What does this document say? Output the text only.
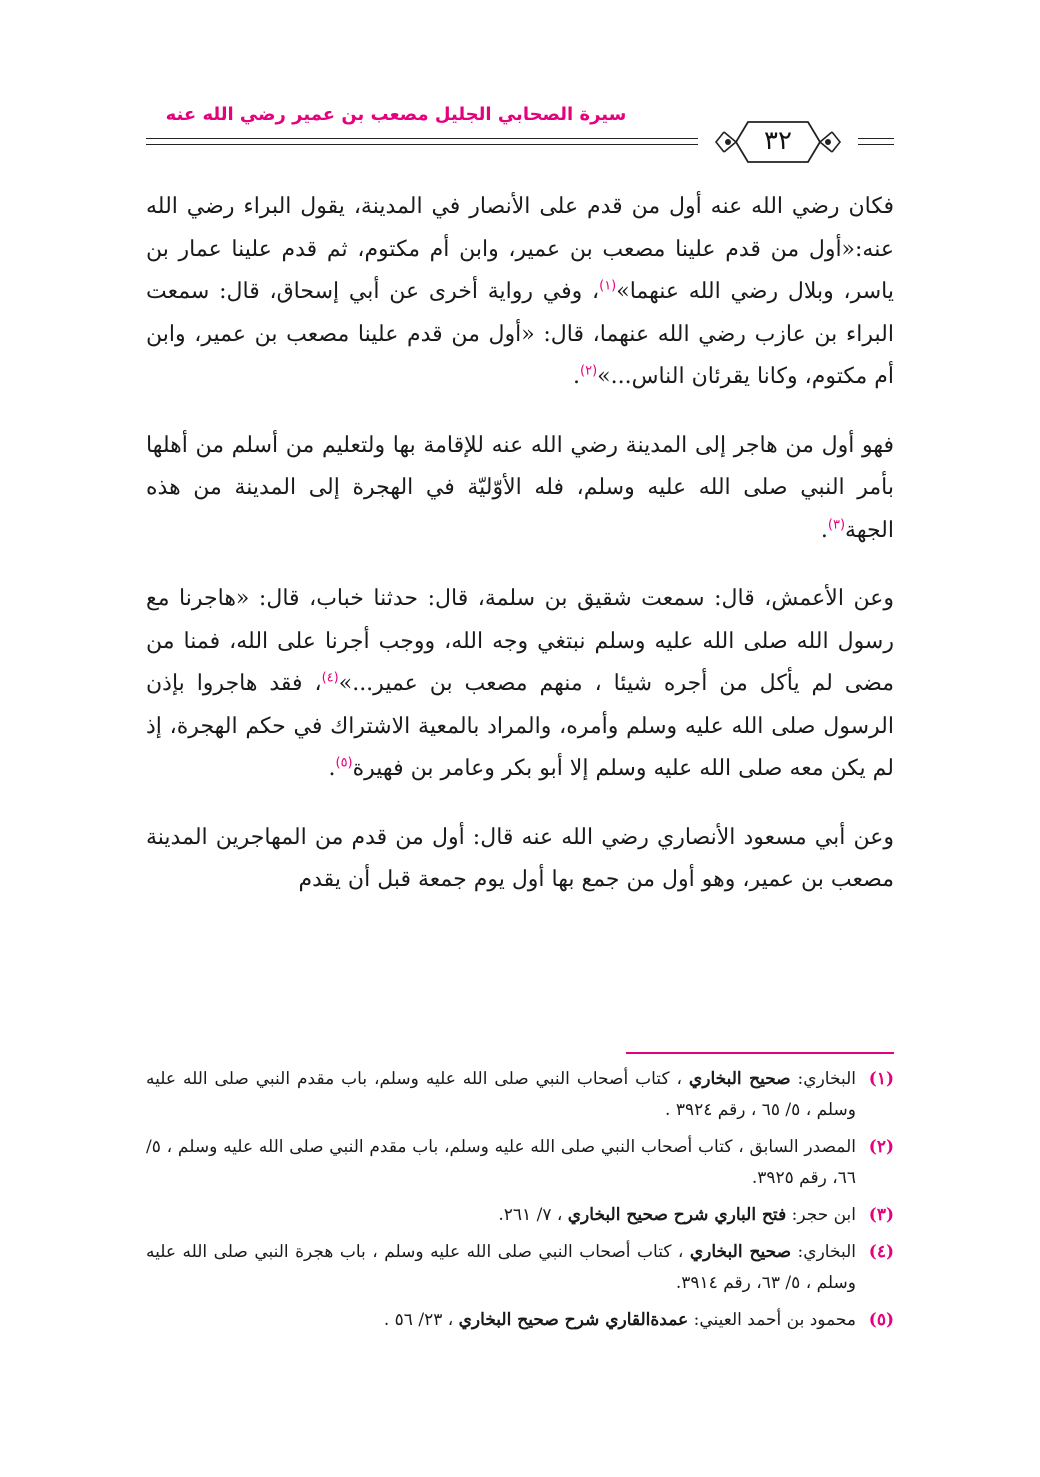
سيرة الصحابي الجليل مصعب بن عمير رضي الله عنه
٣٢

فكان رضي الله عنه أول من قدم على الأنصار في المدينة، يقول البراء رضي الله عنه:«أول من قدم علينا مصعب بن عمير، وابن أم مكتوم، ثم قدم علينا عمار بن ياسر، وبلال رضي الله عنهما»$^{(١)}$، وفي رواية أخرى عن أبي إسحاق، قال: سمعت البراء بن عازب رضي الله عنهما، قال: «أول من قدم علينا مصعب بن عمير، وابن أم مكتوم، وكانا يقرئان الناس...»$^{(٢)}$.

فهو أول من هاجر إلى المدينة رضي الله عنه للإقامة بها ولتعليم من أسلم من أهلها بأمر النبي صلى الله عليه وسلم، فله الأوّليّة في الهجرة إلى المدينة من هذه الجهة$^{(٣)}$.

وعن الأعمش، قال: سمعت شقيق بن سلمة، قال: حدثنا خباب، قال: «هاجرنا مع رسول الله صلى الله عليه وسلم نبتغي وجه الله، ووجب أجرنا على الله، فمنا من مضى لم يأكل من أجره شيئا ، منهم مصعب بن عمير...»$^{(٤)}$، فقد هاجروا بإذن الرسول صلى الله عليه وسلم وأمره، والمراد بالمعية الاشتراك في حكم الهجرة، إذ لم يكن معه صلى الله عليه وسلم إلا أبو بكر وعامر بن فهيرة$^{(٥)}$.

وعن أبي مسعود الأنصاري رضي الله عنه قال: أول من قدم من المهاجرين المدينة مصعب بن عمير، وهو أول من جمع بها أول يوم جمعة قبل أن يقدم

(١)
البخاري: صحيح البخاري ، كتاب أصحاب النبي صلى الله عليه وسلم، باب مقدم النبي صلى الله عليه وسلم ، ٥/ ٦٥ ، رقم ٣٩٢٤ .

(٢)
المصدر السابق ، كتاب أصحاب النبي صلى الله عليه وسلم، باب مقدم النبي صلى الله عليه وسلم ، ٥/ ٦٦، رقم ٣٩٢٥.

(٣)
ابن حجر: فتح الباري شرح صحيح البخاري ، ٧/ ٢٦١.

(٤)
البخاري: صحيح البخاري ، كتاب أصحاب النبي صلى الله عليه وسلم ، باب هجرة النبي صلى الله عليه وسلم ، ٥/ ٦٣، رقم ٣٩١٤.

(٥)
محمود بن أحمد العيني: عمدةالقاري شرح صحيح البخاري ، ٢٣/ ٥٦ .
